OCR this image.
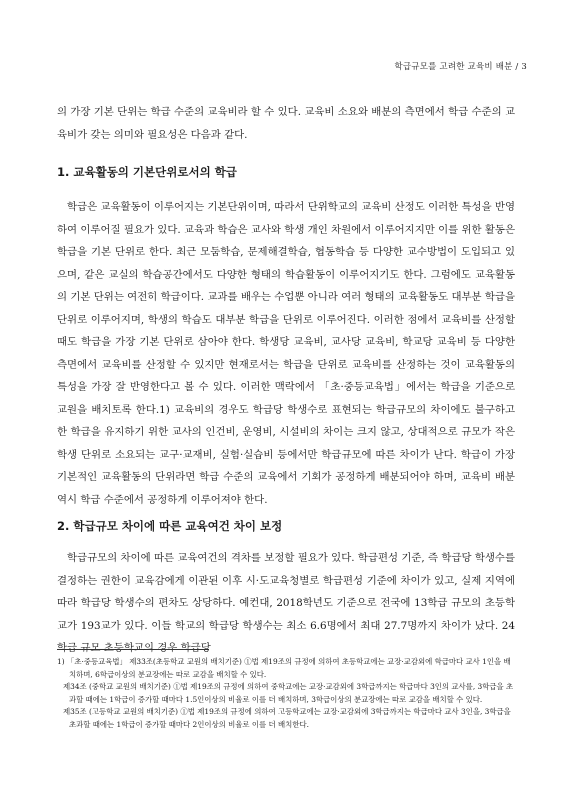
학급규모를 고려한 교육비 배분 / 3
의 가장 기본 단위는 학급 수준의 교육비라 할 수 있다. 교육비 소요와 배분의 측면에서 학급 수준의 교육비가 갖는 의미와 필요성은 다음과 같다.
1. 교육활동의 기본단위로서의 학급
학급은 교육활동이 이루어지는 기본단위이며, 따라서 단위학교의 교육비 산정도 이러한 특성을 반영하여 이루어질 필요가 있다. 교육과 학습은 교사와 학생 개인 차원에서 이루어지지만 이를 위한 활동은 학급을 기본 단위로 한다. 최근 모둠학습, 문제해결학습, 협동학습 등 다양한 교수방법이 도입되고 있으며, 같은 교실의 학습공간에서도 다양한 형태의 학습활동이 이루어지기도 한다. 그럼에도 교육활동의 기본 단위는 여전히 학급이다. 교과를 배우는 수업뿐 아니라 여러 형태의 교육활동도 대부분 학급을 단위로 이루어지며, 학생의 학습도 대부분 학급을 단위로 이루어진다. 이러한 점에서 교육비를 산정할 때도 학급을 가장 기본 단위로 삼아야 한다. 학생당 교육비, 교사당 교육비, 학교당 교육비 등 다양한 측면에서 교육비를 산정할 수 있지만 현재로서는 학급을 단위로 교육비를 산정하는 것이 교육활동의 특성을 가장 잘 반영한다고 볼 수 있다. 이러한 맥락에서 「초·중등교육법」에서는 학급을 기준으로 교원을 배치토록 한다.1) 교육비의 경우도 학급당 학생수로 표현되는 학급규모의 차이에도 불구하고 한 학급을 유지하기 위한 교사의 인건비, 운영비, 시설비의 차이는 크지 않고, 상대적으로 규모가 작은 학생 단위로 소요되는 교구·교재비, 실험·실습비 등에서만 학급규모에 따른 차이가 난다. 학급이 가장 기본적인 교육활동의 단위라면 학급 수준의 교육에서 기회가 공정하게 배분되어야 하며, 교육비 배분 역시 학급 수준에서 공정하게 이루어져야 한다.
2. 학급규모 차이에 따른 교육여건 차이 보정
학급규모의 차이에 따른 교육여건의 격차를 보정할 필요가 있다. 학급편성 기준, 즉 학급당 학생수를 결정하는 권한이 교육감에게 이관된 이후 시·도교육청별로 학급편성 기준에 차이가 있고, 실제 지역에 따라 학급당 학생수의 편차도 상당하다. 예컨대, 2018학년도 기준으로 전국에 13학급 규모의 초등학교가 193교가 있다. 이들 학교의 학급당 학생수는 최소 6.6명에서 최대 27.7명까지 차이가 났다. 24학급 규모 초등학교의 경우 학급당
1) 「초·중등교육법」 제33조(초등학교 교원의 배치기준) ①법 제19조의 규정에 의하여 초등학교에는 교장·교감외에 학급마다 교사 1인을 배치하며, 6학급이상의 분교장에는 따로 교감을 배치할 수 있다.
제34조 (중학교 교원의 배치기준) ①법 제19조의 규정에 의하여 중학교에는 교장·교감외에 3학급까지는 학급마다 3인의 교사를, 3학급을 초과할 때에는 1학급이 증가할 때마다 1.5인이상의 비율로 이를 더 배치하며, 3학급이상의 분교장에는 따로 교감을 배치할 수 있다.
제35조 (고등학교 교원의 배치기준) ①법 제19조의 규정에 의하여 고등학교에는 교장·교감외에 3학급까지는 학급마다 교사 3인을, 3학급을 초과할 때에는 1학급이 증가할 때마다 2인이상의 비율로 이를 더 배치한다.
